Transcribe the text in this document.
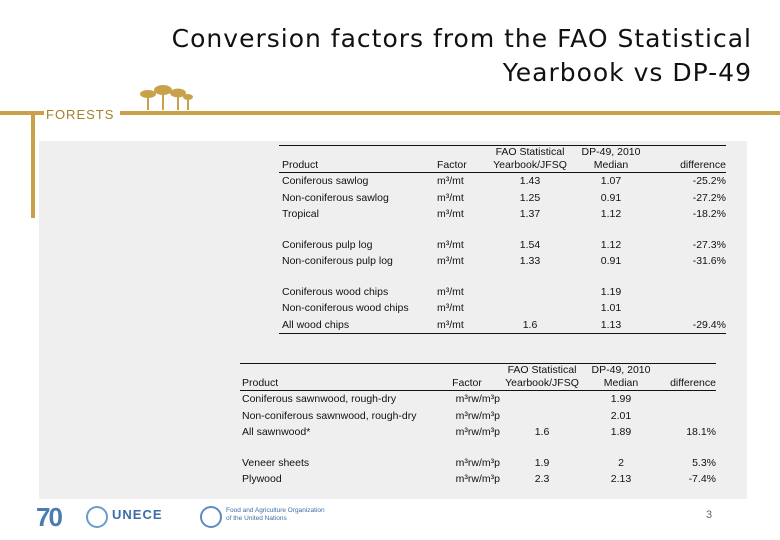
Conversion factors from the FAO Statistical
Yearbook vs DP-49
FORESTS

		FAO Statistical	DP-49, 2010	

Product	Factor	Yearbook/JFSQ	Median	difference
Coniferous sawlog	m³/mt	1.43	1.07	-25.2%
Non-coniferous sawlog	m³/mt	1.25	0.91	-27.2%
Tropical	m³/mt	1.37	1.12	-18.2%

Coniferous pulp log	m³/mt	1.54	1.12	-27.3%
Non-coniferous pulp log	m³/mt	1.33	0.91	-31.6%

Coniferous wood chips	m³/mt		1.19	
Non-coniferous wood chips	m³/mt		1.01	
All wood chips	m³/mt	1.6	1.13	-29.4%

		FAO Statistical	DP-49, 2010	

Product	Factor	Yearbook/JFSQ	Median	difference
Coniferous sawnwood, rough-dry	m³rw/m³p		1.99	
Non-coniferous sawnwood, rough-dry	m³rw/m³p		2.01	
All sawnwood*	m³rw/m³p	1.6	1.89	18.1%

Veneer sheets	m³rw/m³p	1.9	2	5.3%
Plywood	m³rw/m³p	2.3	2.13	-7.4%
70	UNECE	Food and Agriculture Organization
of the United Nations	3
